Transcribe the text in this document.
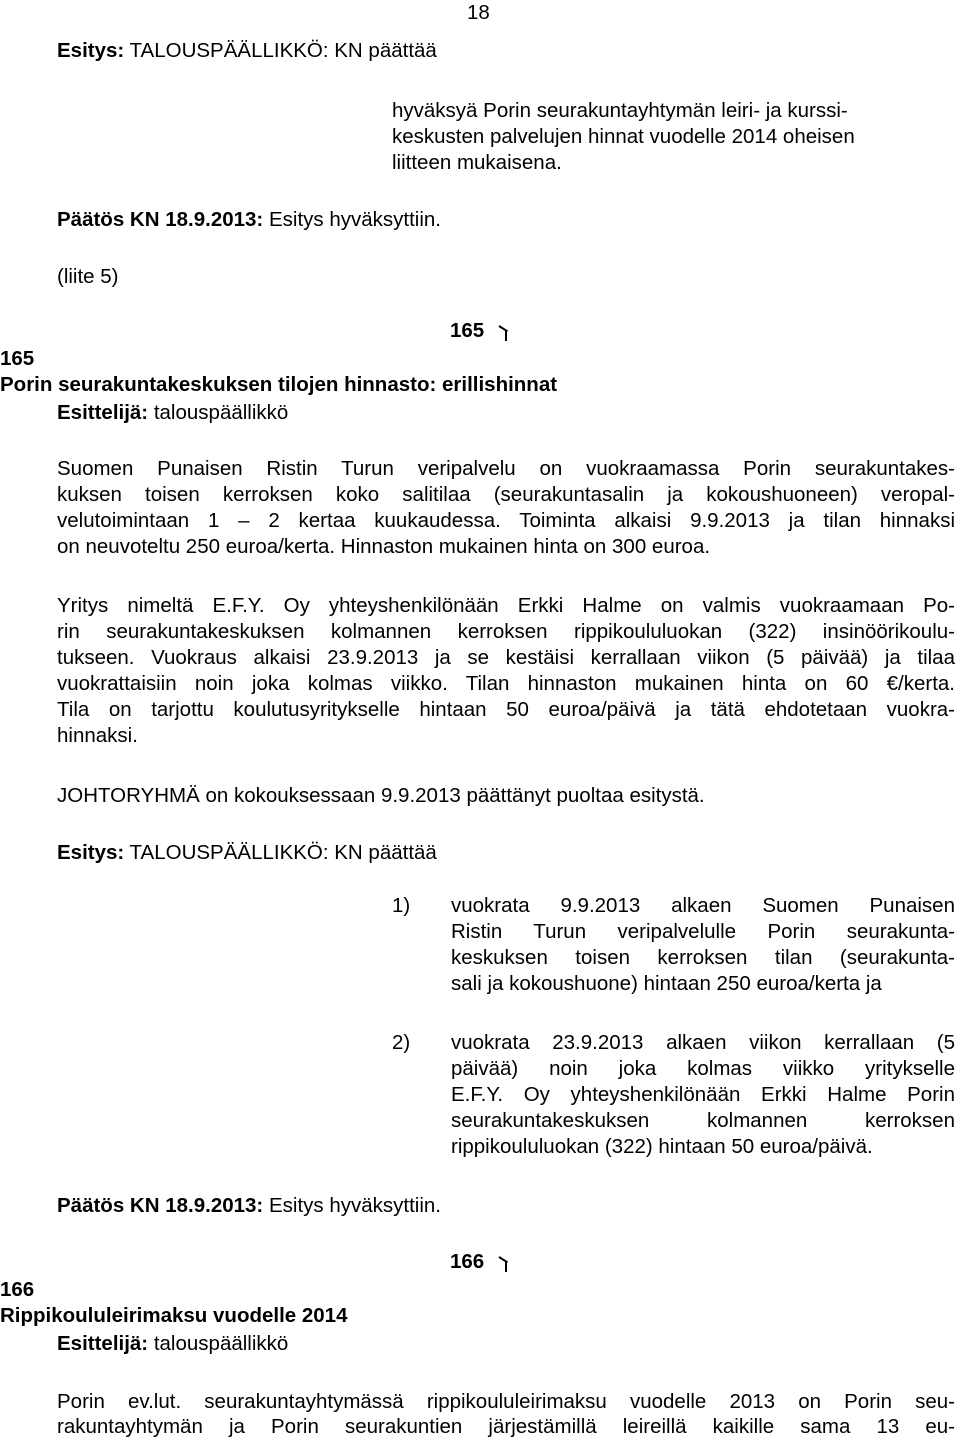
18
Esitys: TALOUSPÄÄLLIKKÖ: KN päättää
hyväksyä Porin seurakuntayhtymän leiri- ja kurssi-
keskusten palvelujen hinnat vuodelle 2014 oheisen
liitteen mukaisena.
Päätös KN 18.9.2013: Esitys hyväksyttiin.
(liite 5)
165
165
Porin seurakuntakeskuksen tilojen hinnasto: erillishinnat
Esittelijä: talouspäällikkö
Suomen Punaisen Ristin Turun veripalvelu on vuokraamassa Porin seurakuntakes-
kuksen toisen kerroksen koko salitilaa (seurakuntasalin ja kokoushuoneen) veropal-
velutoimintaan 1 – 2 kertaa kuukaudessa. Toiminta alkaisi 9.9.2013 ja tilan hinnaksi
on neuvoteltu 250 euroa/kerta. Hinnaston mukainen hinta on 300 euroa.
Yritys nimeltä E.F.Y. Oy yhteyshenkilönään Erkki Halme on valmis vuokraamaan Po-
rin seurakuntakeskuksen kolmannen kerroksen rippikoululuokan (322) insinöörikoulu-
tukseen. Vuokraus alkaisi 23.9.2013 ja se kestäisi kerrallaan viikon (5 päivää) ja tilaa
vuokrattaisiin noin joka kolmas viikko. Tilan hinnaston mukainen hinta on 60 €/kerta.
Tila on tarjottu koulutusyritykselle hintaan 50 euroa/päivä ja tätä ehdotetaan vuokra-
hinnaksi.
JOHTORYHMÄ on kokouksessaan 9.9.2013 päättänyt puoltaa esitystä.
Esitys: TALOUSPÄÄLLIKKÖ: KN päättää
1) vuokrata 9.9.2013 alkaen Suomen Punaisen
Ristin Turun veripalvelulle Porin seurakunta-
keskuksen toisen kerroksen tilan (seurakunta-
sali ja kokoushuone) hintaan 250 euroa/kerta ja
2) vuokrata 23.9.2013 alkaen viikon kerrallaan (5
päivää) noin joka kolmas viikko yritykselle
E.F.Y. Oy yhteyshenkilönään Erkki Halme Porin
seurakuntakeskuksen kolmannen kerroksen
rippikoululuokan (322) hintaan 50 euroa/päivä.
Päätös KN 18.9.2013: Esitys hyväksyttiin.
166
166
Rippikoululeirimaksu vuodelle 2014
Esittelijä: talouspäällikkö
Porin ev.lut. seurakuntayhtymässä rippikoululeirimaksu vuodelle 2013 on Porin seu-
rakuntayhtymän ja Porin seurakuntien järjestämillä leireillä kaikille sama 13 eu-
